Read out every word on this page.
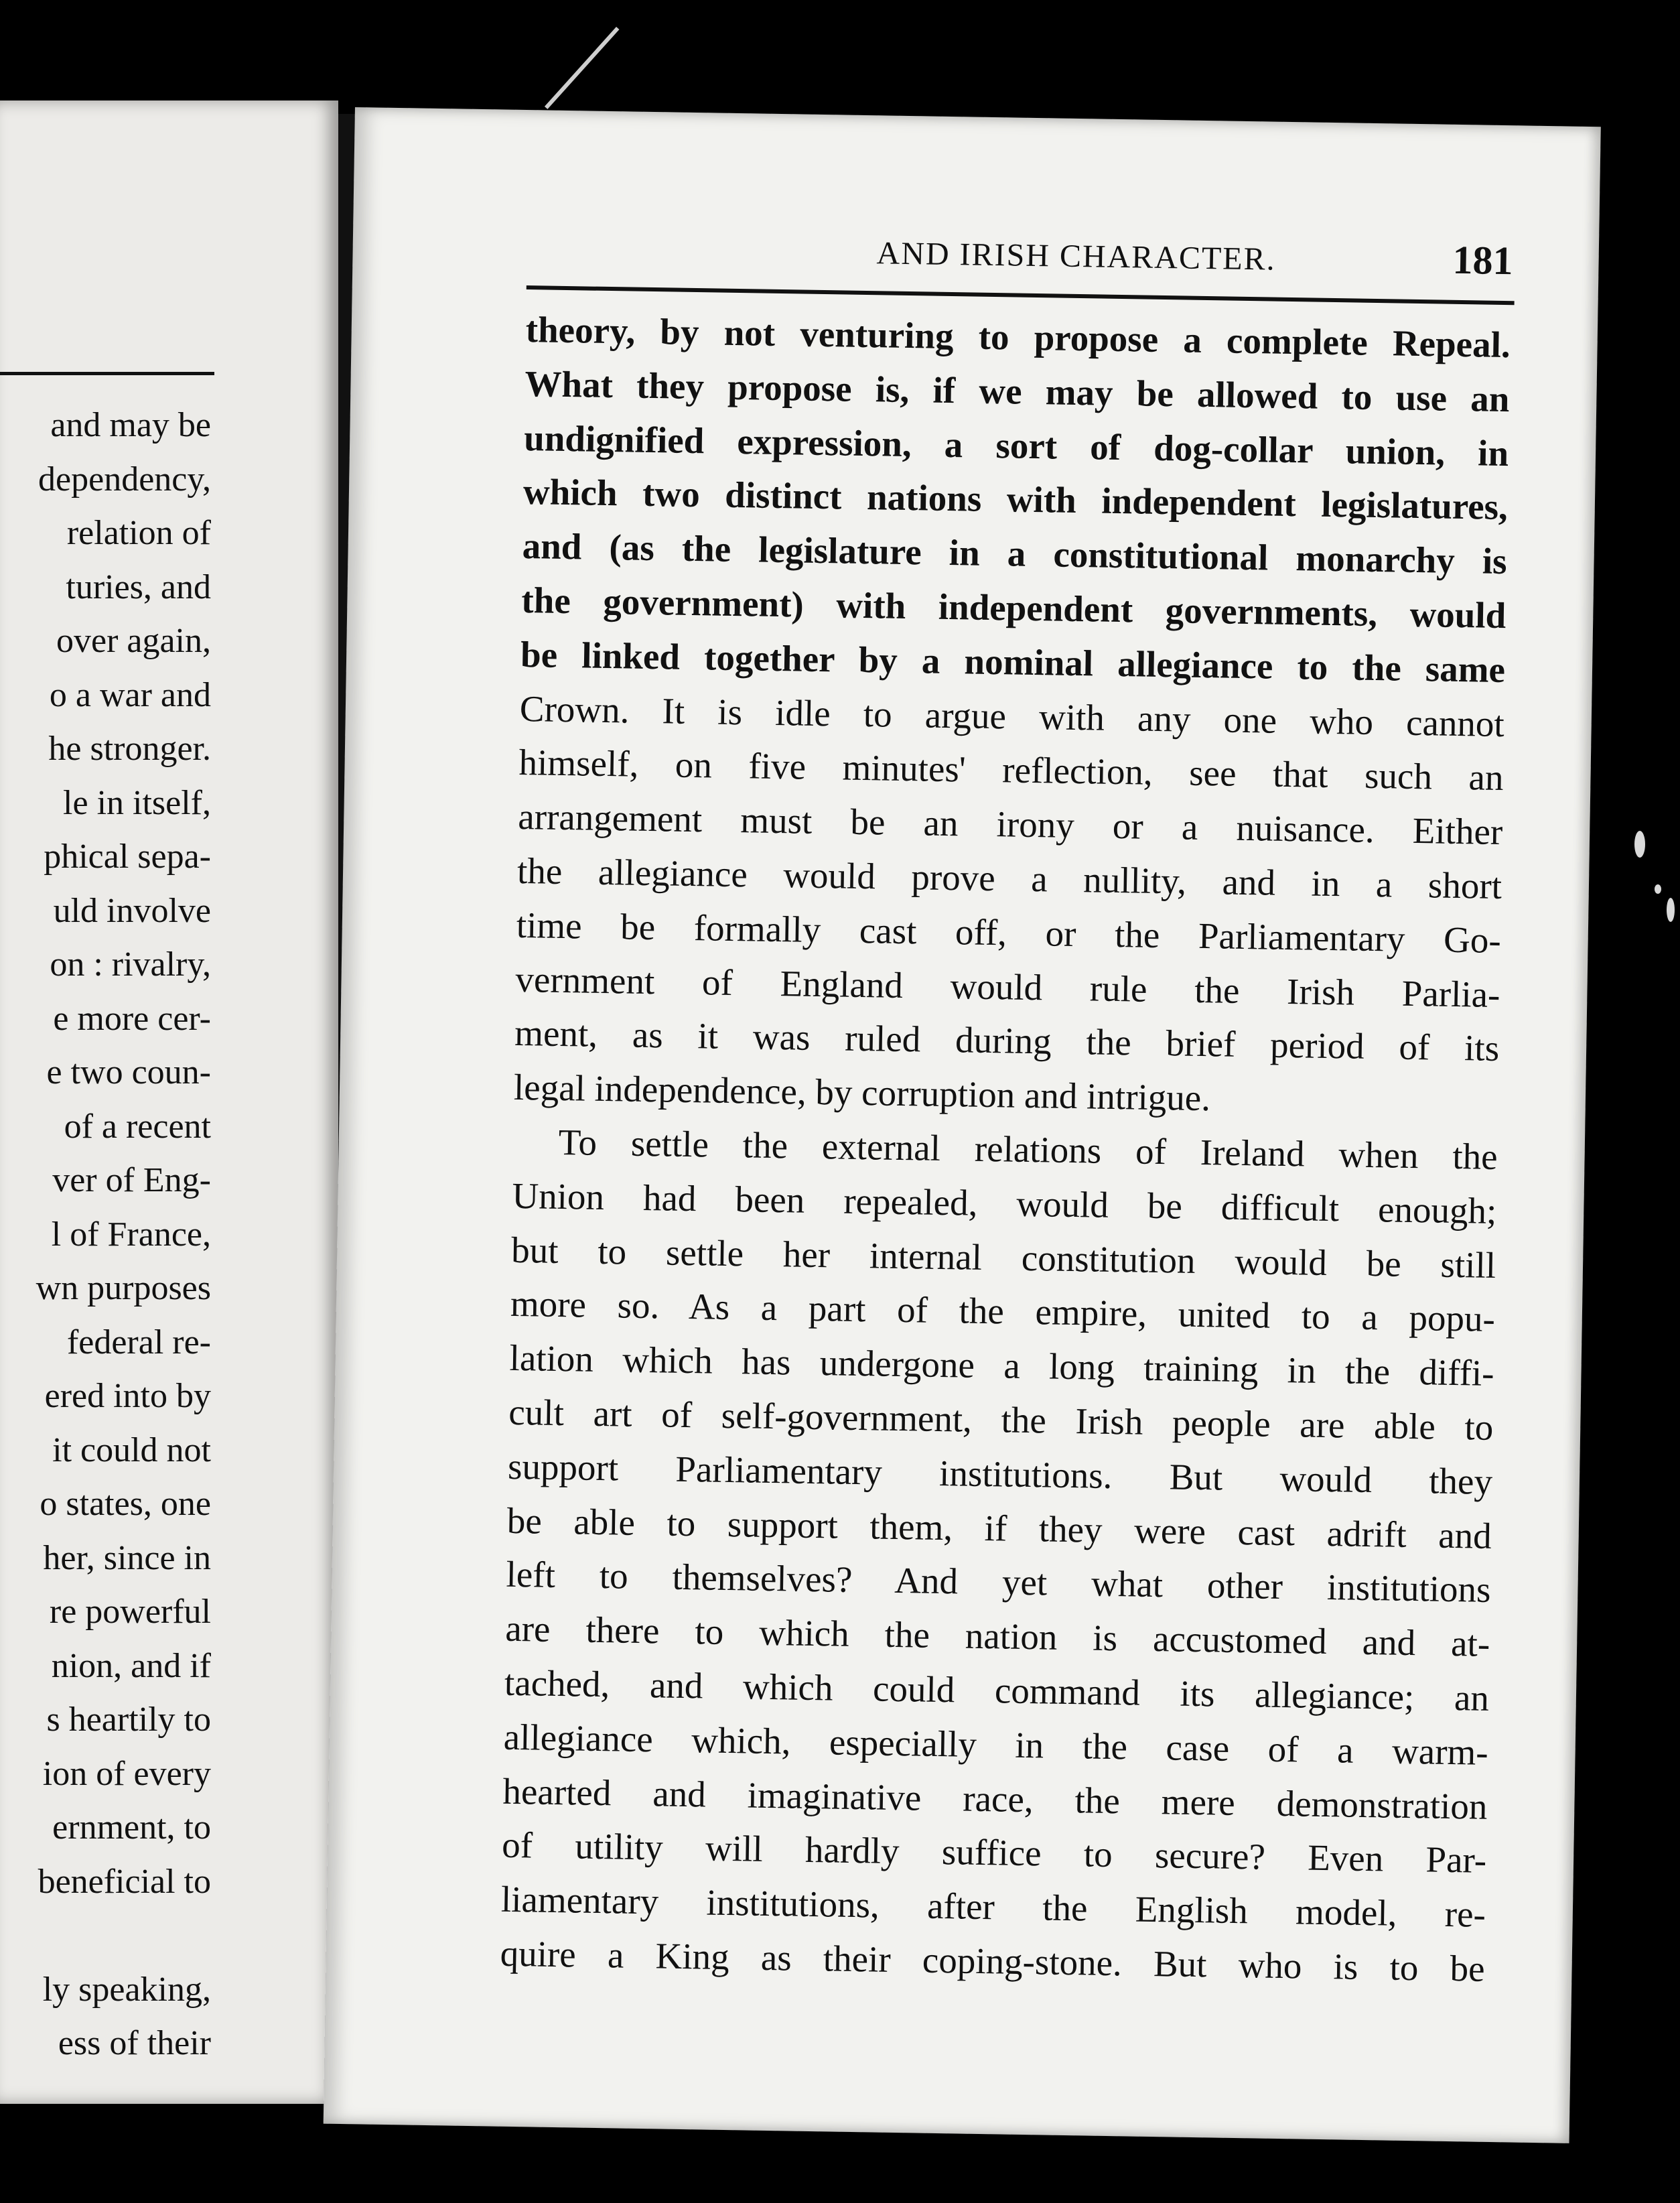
and may be
dependency,
relation of
turies, and
over again,
o a war and
he stronger.
le in itself,
phical sepa-
uld involve
on : rivalry,
e more cer-
e two coun-
of a recent
ver of Eng-
l of France,
wn purposes
federal re-
ered into by
it could not
o states, one
her, since in
re powerful
nion, and if
s heartily to
ion of every
ernment, to
beneficial to
ly speaking,
ess of their
AND IRISH CHARACTER.	181
theory, by not venturing to propose a complete Repeal.
What they propose is, if we may be allowed to use an
undignified expression, a sort of dog-collar union, in
which two distinct nations with independent legislatures,
and (as the legislature in a constitutional monarchy is
the government) with independent governments, would
be linked together by a nominal allegiance to the same
Crown. It is idle to argue with any one who cannot
himself, on five minutes' reflection, see that such an
arrangement must be an irony or a nuisance. Either
the allegiance would prove a nullity, and in a short
time be formally cast off, or the Parliamentary Go-
vernment of England would rule the Irish Parlia-
ment, as it was ruled during the brief period of its
legal independence, by corruption and intrigue.
To settle the external relations of Ireland when the
Union had been repealed, would be difficult enough;
but to settle her internal constitution would be still
more so. As a part of the empire, united to a popu-
lation which has undergone a long training in the diffi-
cult art of self-government, the Irish people are able to
support Parliamentary institutions. But would they
be able to support them, if they were cast adrift and
left to themselves? And yet what other institutions
are there to which the nation is accustomed and at-
tached, and which could command its allegiance; an
allegiance which, especially in the case of a warm-
hearted and imaginative race, the mere demonstration
of utility will hardly suffice to secure? Even Par-
liamentary institutions, after the English model, re-
quire a King as their coping-stone. But who is to be
